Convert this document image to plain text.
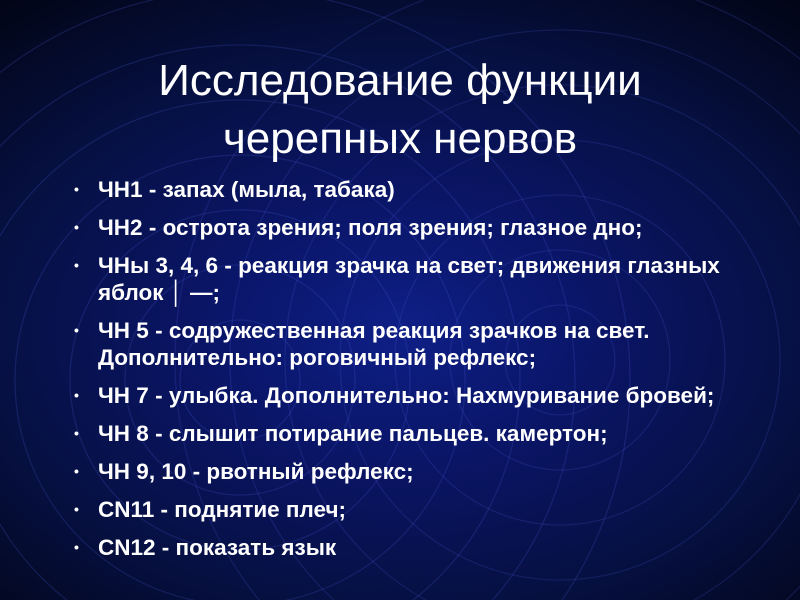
Исследование функции
черепных нервов
• ЧН1 - запах (мыла, табака)
• ЧН2 - острота зрения; поля зрения; глазное дно;
• ЧНы 3, 4, 6 - реакция зрачка на свет; движения глазных яблок │ —;
• ЧН 5 - содружественная реакция зрачков на свет. Дополнительно: роговичный рефлекс;
• ЧН 7 - улыбка. Дополнительно: Нахмуривание бровей;
• ЧН 8 - слышит потирание пальцев. камертон;
• ЧН 9, 10 - рвотный рефлекс;
• CN11 - поднятие плеч;
• CN12 - показать язык
